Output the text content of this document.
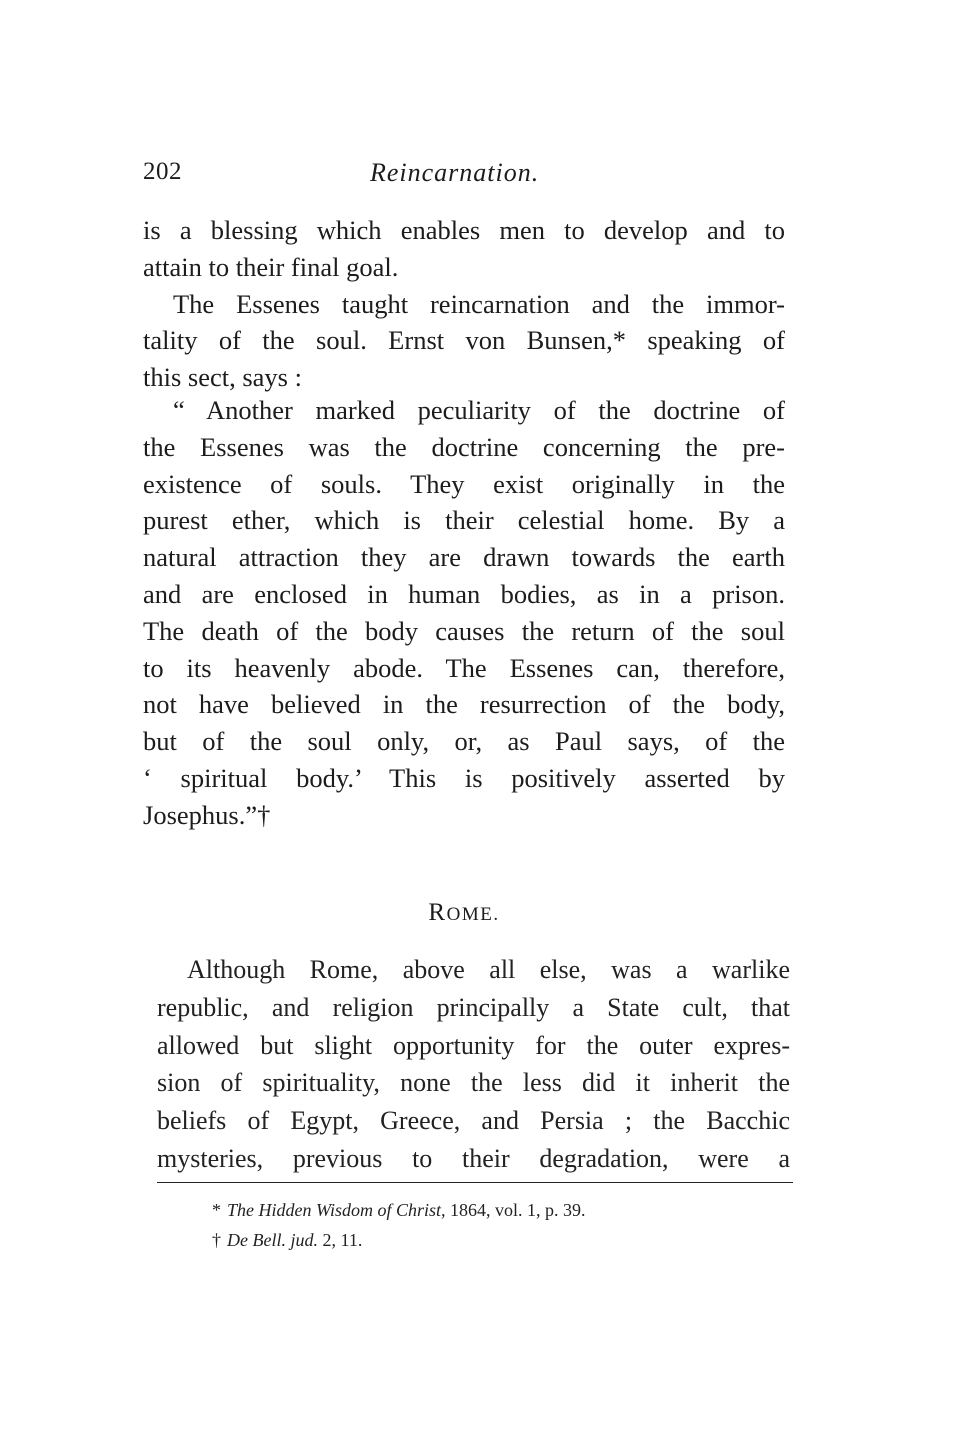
202	Reincarnation.
is a blessing which enables men to develop and to
attain to their final goal.
The Essenes taught reincarnation and the immor-
tality of the soul. Ernst von Bunsen,* speaking of
this sect, says :
“ Another marked peculiarity of the doctrine of
the Essenes was the doctrine concerning the pre-
existence of souls. They exist originally in the
purest ether, which is their celestial home. By a
natural attraction they are drawn towards the earth
and are enclosed in human bodies, as in a prison.
The death of the body causes the return of the soul
to its heavenly abode. The Essenes can, therefore,
not have believed in the resurrection of the body,
but of the soul only, or, as Paul says, of the
‘ spiritual body.’ This is positively asserted by
Josephus.”†
ROME.
Although Rome, above all else, was a warlike
republic, and religion principally a State cult, that
allowed but slight opportunity for the outer expres-
sion of spirituality, none the less did it inherit the
beliefs of Egypt, Greece, and Persia ; the Bacchic
mysteries, previous to their degradation, were a
* The Hidden Wisdom of Christ, 1864, vol. 1, p. 39.
† De Bell. jud. 2, 11.
